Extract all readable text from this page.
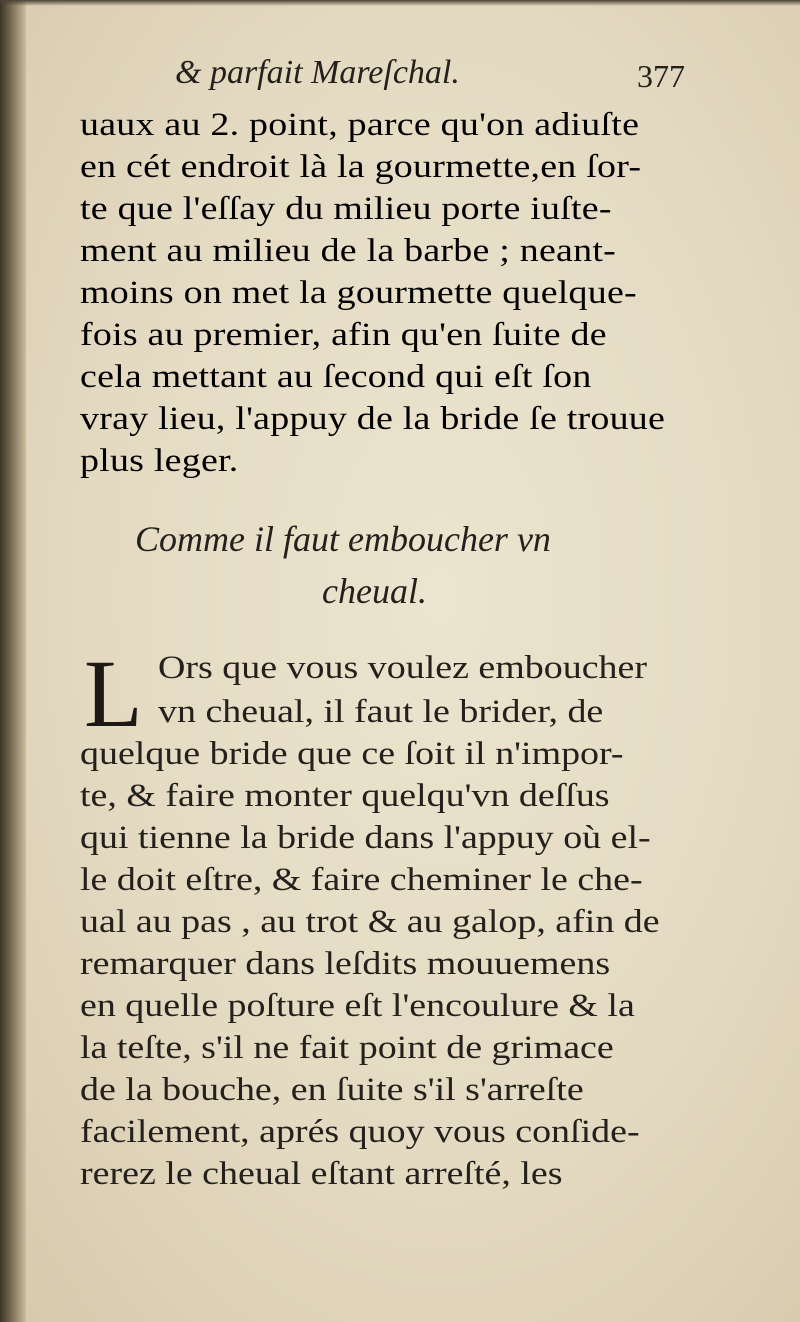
& parfait Mareſchal.	377
uaux au 2. point, parce qu'on adiuſte
en cét endroit là la gourmette,en ſor-
te que l'eſſay du milieu porte iuſte-
ment au milieu de la barbe ; neant-
moins on met la gourmette quelque-
fois au premier, afin qu'en ſuite de
cela mettant au ſecond qui eſt ſon
vray lieu, l'appuy de la bride ſe trouue
plus leger.
Comme il faut emboucher vn
cheual.
L Ors que vous voulez emboucher
vn cheual, il faut le brider, de
quelque bride que ce ſoit il n'impor-
te, & faire monter quelqu'vn deſſus
qui tienne la bride dans l'appuy où el-
le doit eſtre, & faire cheminer le che-
ual au pas , au trot & au galop, afin de
remarquer dans leſdits mouuemens
en quelle poſture eſt l'encoulure & la
la teſte, s'il ne fait point de grimace
de la bouche, en ſuite s'il s'arreſte
facilement, aprés quoy vous conſide-
rerez le cheual eſtant arreſté, les
